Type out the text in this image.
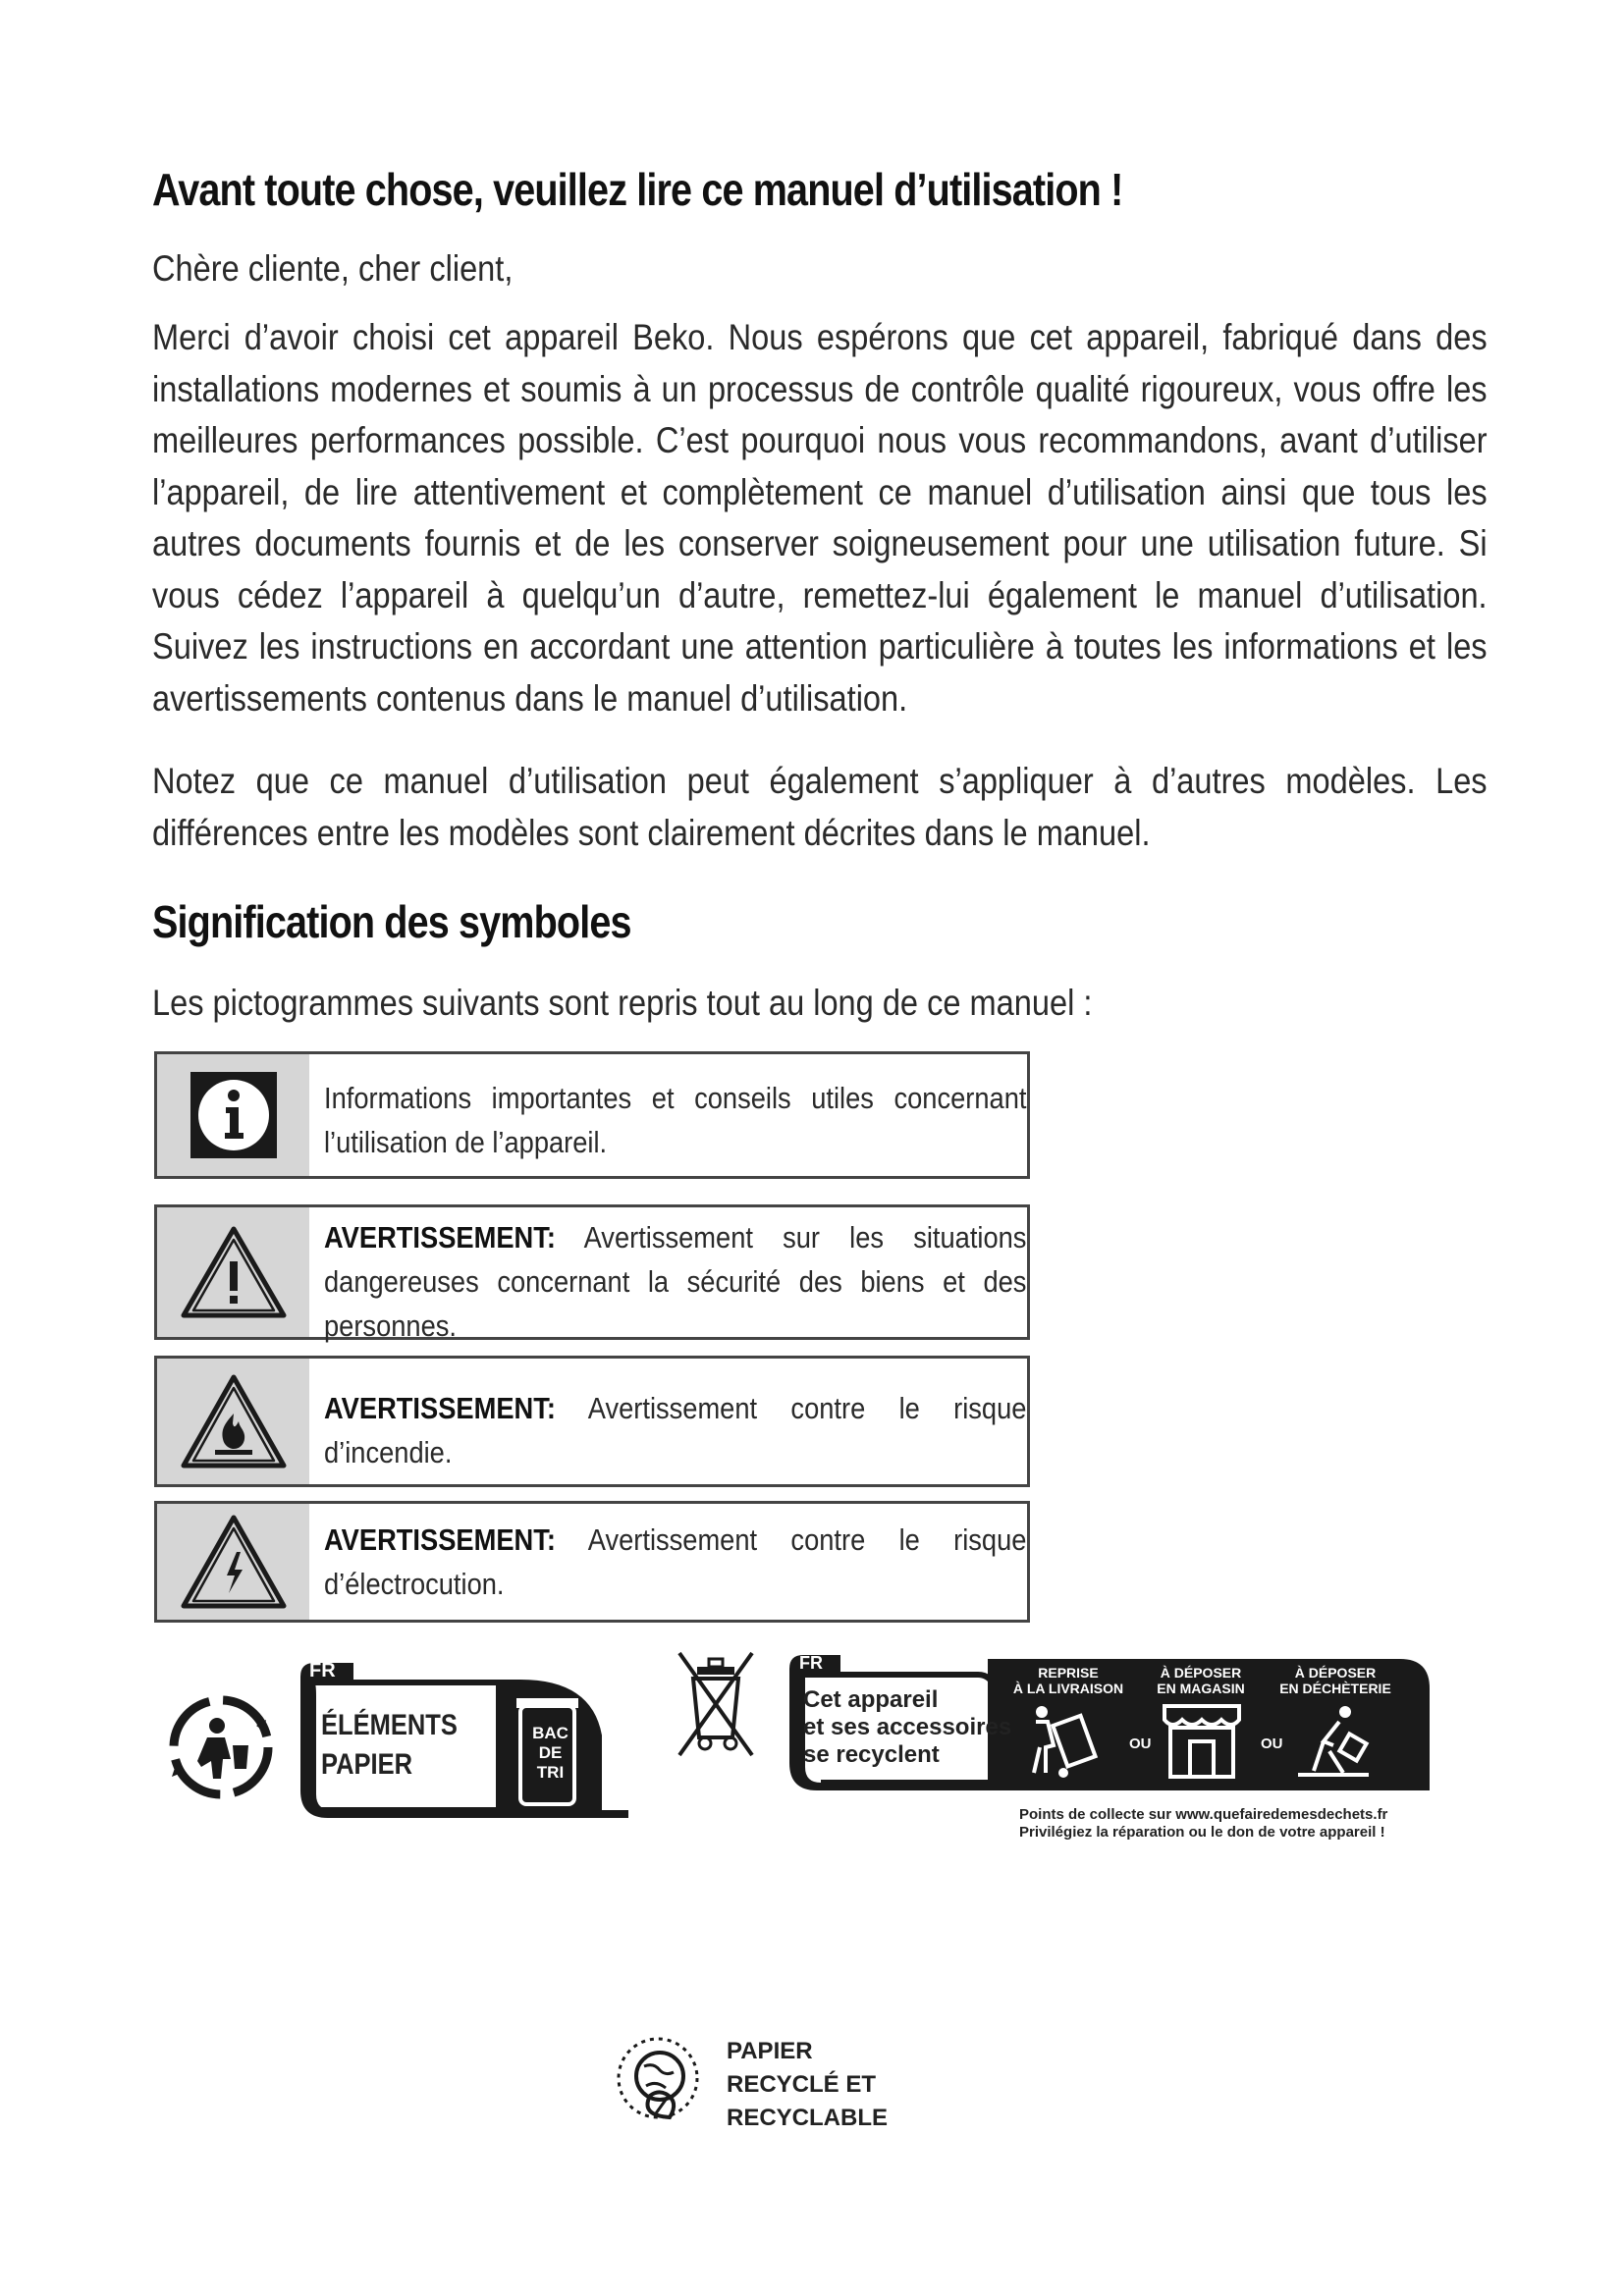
Avant toute chose, veuillez lire ce manuel d’utilisation !

Chère cliente, cher client,

Merci d’avoir choisi cet appareil Beko. Nous espérons que cet appareil, fabriqué dans des installations modernes et soumis à un processus de contrôle qualité rigoureux, vous offre les meilleures performances possible. C’est pourquoi nous vous recommandons, avant d’utiliser l’appareil, de lire attentivement et complètement ce manuel d’utilisation ainsi que tous les autres documents fournis et de les conserver soigneusement pour une utilisation future. Si vous cédez l’appareil à quelqu’un d’autre, remettez-lui également le manuel d’utilisation. Suivez les instructions en accordant une attention particulière à toutes les informations et les avertissements contenus dans le manuel d’utilisation.

Notez que ce manuel d’utilisation peut également s’appliquer à d’autres modèles. Les différences entre les modèles sont clairement décrites dans le manuel.

Signification des symboles

Les pictogrammes suivants sont repris tout au long de ce manuel :

Informations importantes et conseils utiles concernant l’utilisation de l’appareil.
AVERTISSEMENT: Avertissement sur les situations dangereuses concernant la sécurité des biens et des personnes.
AVERTISSEMENT: Avertissement contre le risque d’incendie.
AVERTISSEMENT: Avertissement contre le risque d’électrocution.
FR
ÉLÉMENTS
PAPIER
BAC
DE
TRI
FR
Cet appareil
et ses accessoires
se recyclent
REPRISE
À LA LIVRAISON
À DÉPOSER
EN MAGASIN
À DÉPOSER
EN DÉCHÈTERIE
OU	OU
Points de collecte sur www.quefairedemesdechets.fr
Privilégiez la réparation ou le don de votre appareil !
PAPIER
RECYCLÉ ET
RECYCLABLE
